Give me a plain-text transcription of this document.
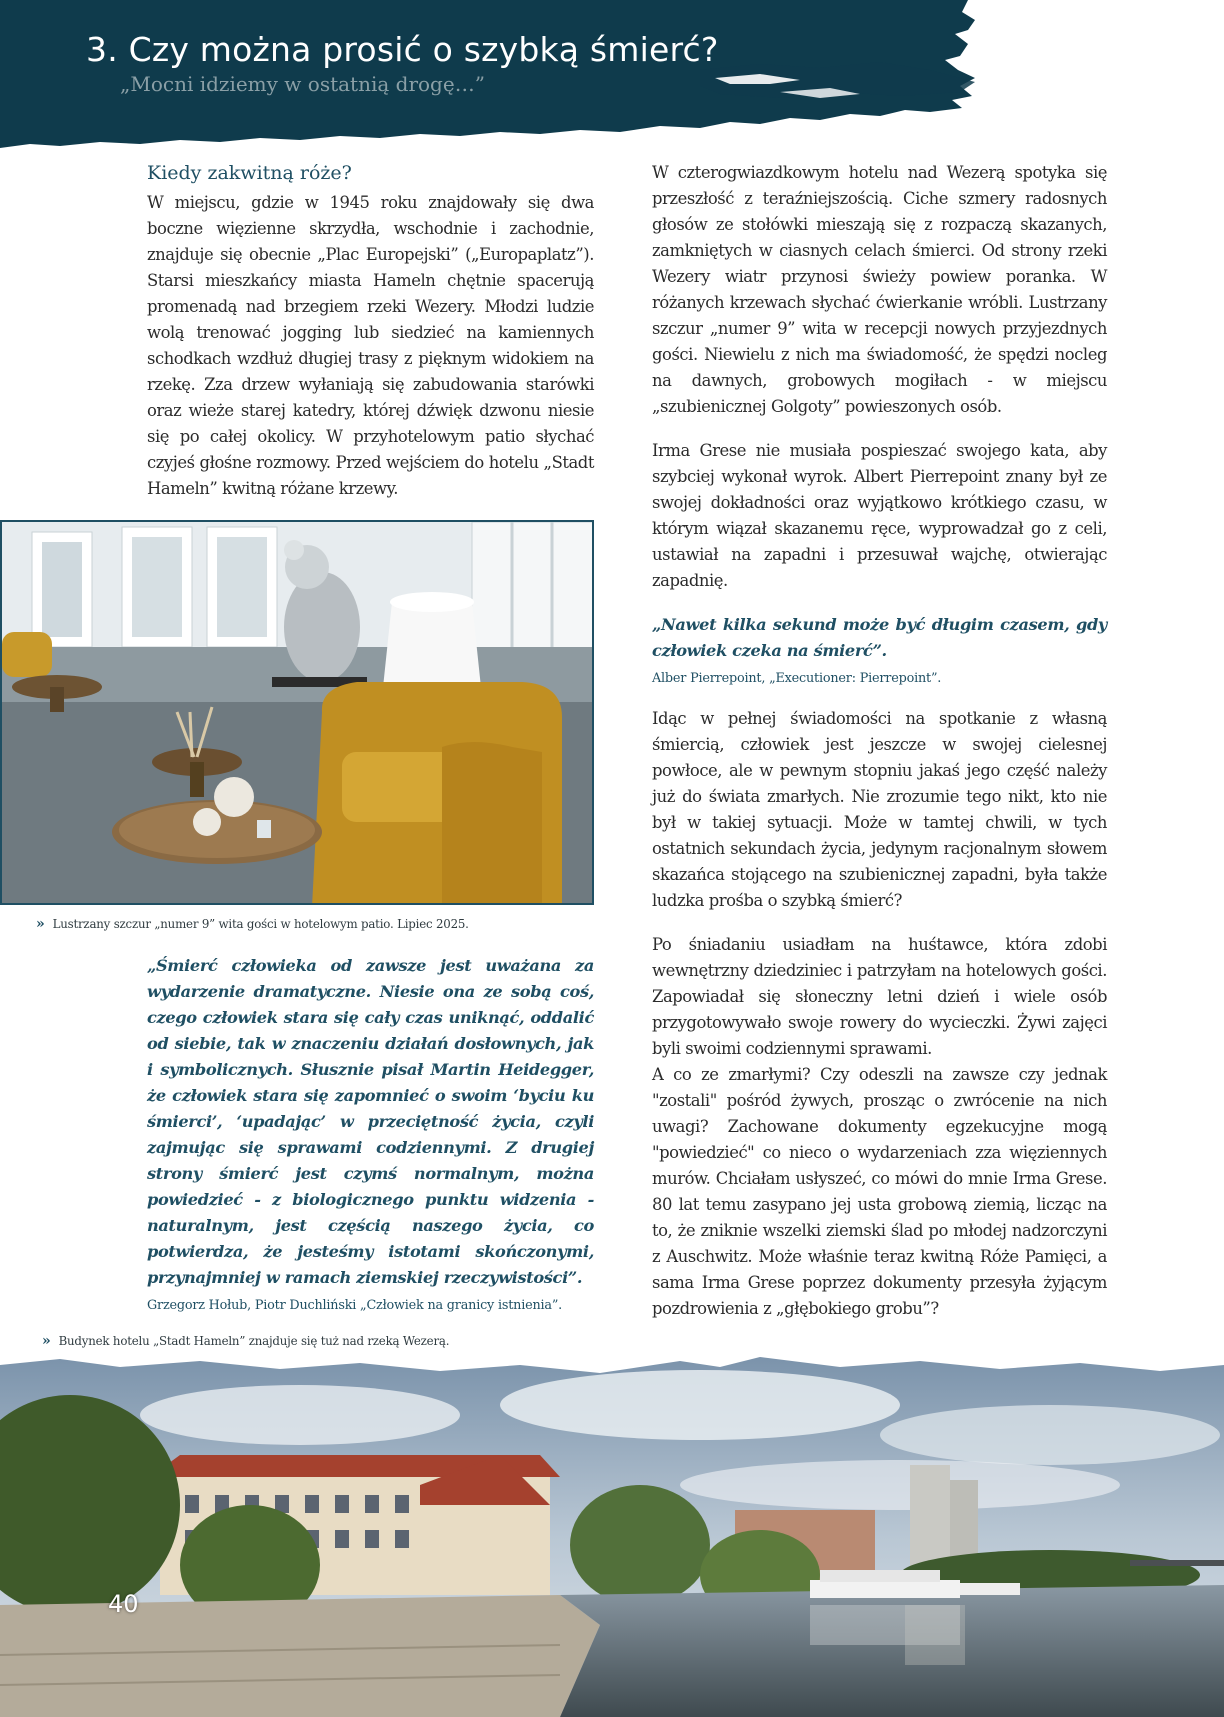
3. Czy można prosić o szybką śmierć?
„Mocni idziemy w ostatnią drogę…”
Kiedy zakwitną róże?

W miejscu, gdzie w 1945 roku znajdowały się dwa boczne więzienne skrzydła, wschodnie i zachodnie, znajduje się obecnie „Plac Europejski” („Europaplatz”). Starsi mieszkańcy miasta Hameln chętnie spacerują promenadą nad brzegiem rzeki Wezery. Młodzi ludzie wolą trenować jogging lub siedzieć na kamiennych schodkach wzdłuż długiej trasy z pięknym widokiem na rzekę. Zza drzew wyłaniają się zabudowania starówki oraz wieże starej katedry, której dźwięk dzwonu niesie się po całej okolicy. W przyhotelowym patio słychać czyjeś głośne rozmowy. Przed wejściem do hotelu „Stadt Hameln” kwitną różane krzewy.

» Lustrzany szczur „numer 9” wita gości w hotelowym patio. Lipiec 2025.

„Śmierć człowieka od zawsze jest uważana za wydarzenie dramatyczne. Niesie ona ze sobą coś, czego człowiek stara się cały czas uniknąć, oddalić od siebie, tak w znaczeniu działań dosłownych, jak i symbolicznych. Słusznie pisał Martin Heidegger, że człowiek stara się zapomnieć o swoim ‘byciu ku śmierci’, ‘upadając’ w przeciętność życia, czyli zajmując się sprawami codziennymi. Z drugiej strony śmierć jest czymś normalnym, można powiedzieć - z biologicznego punktu widzenia - naturalnym, jest częścią naszego życia, co potwierdza, że jesteśmy istotami skończonymi, przynajmniej w ramach ziemskiej rzeczywistości”.

Grzegorz Hołub, Piotr Duchliński „Człowiek na granicy istnienia”.
» Budynek hotelu „Stadt Hameln” znajduje się tuż nad rzeką Wezerą.

W czterogwiazdkowym hotelu nad Wezerą spotyka się przeszłość z teraźniejszością. Ciche szmery radosnych głosów ze stołówki mieszają się z rozpaczą skazanych, zamkniętych w ciasnych celach śmierci. Od strony rzeki Wezery wiatr przynosi świeży powiew poranka. W różanych krzewach słychać ćwierkanie wróbli. Lustrzany szczur „numer 9” wita w recepcji nowych przyjezdnych gości. Niewielu z nich ma świadomość, że spędzi nocleg na dawnych, grobowych mogiłach - w miejscu „szubienicznej Golgoty” powieszonych osób.

Irma Grese nie musiała pospieszać swojego kata, aby szybciej wykonał wyrok. Albert Pierrepoint znany był ze swojej dokładności oraz wyjątkowo krótkiego czasu, w którym wiązał skazanemu ręce, wyprowadzał go z celi, ustawiał na zapadni i przesuwał wajchę, otwierając zapadnię.

„Nawet kilka sekund może być długim czasem, gdy człowiek czeka na śmierć”.

Alber Pierrepoint, „Executioner: Pierrepoint”.

Idąc w pełnej świadomości na spotkanie z własną śmiercią, człowiek jest jeszcze w swojej cielesnej powłoce, ale w pewnym stopniu jakaś jego część należy już do świata zmarłych. Nie zrozumie tego nikt, kto nie był w takiej sytuacji. Może w tamtej chwili, w tych ostatnich sekundach życia, jedynym racjonalnym słowem skazańca stojącego na szubienicznej zapadni, była także ludzka prośba o szybką śmierć?

Po śniadaniu usiadłam na huśtawce, która zdobi wewnętrzny dziedziniec i patrzyłam na hotelowych gości. Zapowiadał się słoneczny letni dzień i wiele osób przygotowywało swoje rowery do wycieczki. Żywi zajęci byli swoimi codziennymi sprawami.

A co ze zmarłymi? Czy odeszli na zawsze czy jednak "zostali" pośród żywych, prosząc o zwrócenie na nich uwagi? Zachowane dokumenty egzekucyjne mogą "powiedzieć" co nieco o wydarzeniach zza więziennych murów. Chciałam usłyszeć, co mówi do mnie Irma Grese. 80 lat temu zasypano jej usta grobową ziemią, licząc na to, że zniknie wszelki ziemski ślad po młodej nadzorczyni z Auschwitz. Może właśnie teraz kwitną Róże Pamięci, a sama Irma Grese poprzez dokumenty przesyła żyjącym pozdrowienia z „głębokiego grobu”?

40
